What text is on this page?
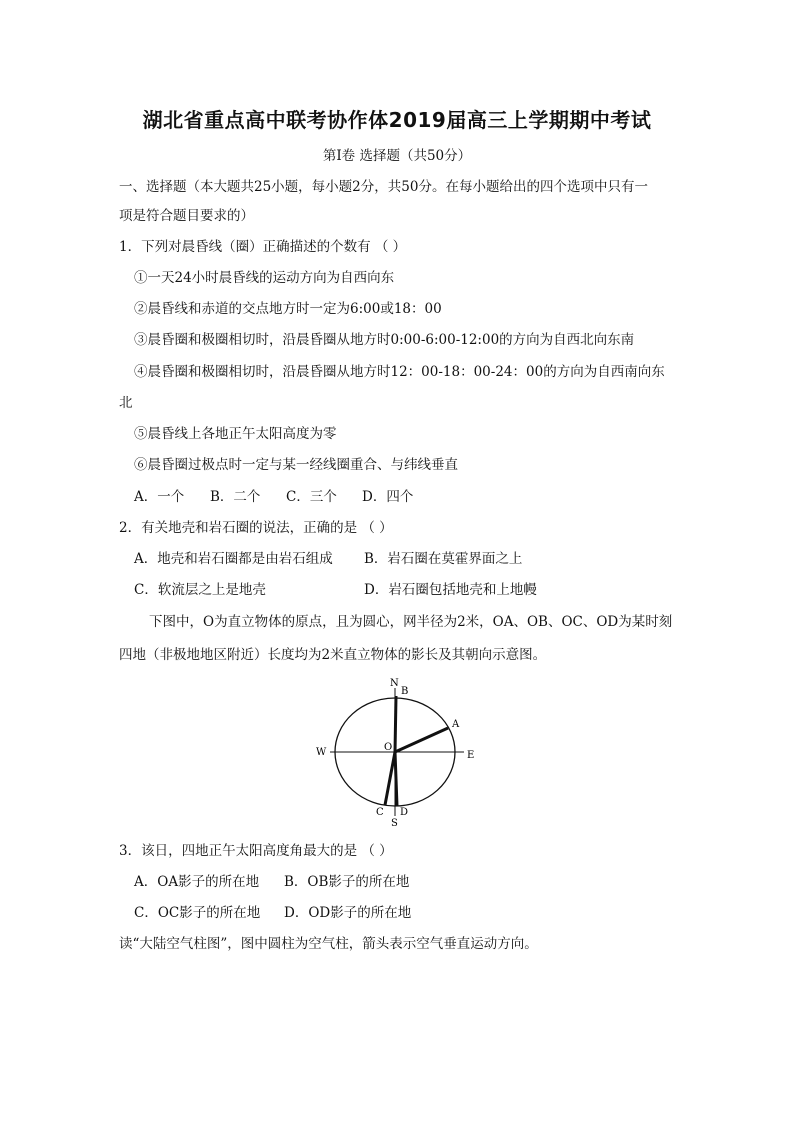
湖北省重点高中联考协作体2019届高三上学期期中考试
第Ⅰ卷 选择题（共50分）
一、选择题（本大题共25小题，每小题2分，共50分。在每小题给出的四个选项中只有一
项是符合题目要求的）
1．下列对晨昏线（圈）正确描述的个数有 （ ）
①一天24小时晨昏线的运动方向为自西向东
②晨昏线和赤道的交点地方时一定为6:00或18：00
③晨昏圈和极圈相切时，沿晨昏圈从地方时0:00-6:00-12:00的方向为自西北向东南
④晨昏圈和极圈相切时，沿晨昏圈从地方时12：00-18：00-24：00的方向为自西南向东
北
⑤晨昏线上各地正午太阳高度为零
⑥晨昏圈过极点时一定与某一经线圈重合、与纬线垂直
A．一个 B．二个 C．三个 D．四个
2．有关地壳和岩石圈的说法，正确的是 （ ）
A．地壳和岩石圈都是由岩石组成 B．岩石圈在莫霍界面之上
C．软流层之上是地壳	D．岩石圈包括地壳和上地幔
下图中，O为直立物体的原点，且为圆心，网半径为2米，OA、OB、OC、OD为某时刻
四地（非极地地区附近）长度均为2米直立物体的影长及其朝向示意图。
N
B
A
W	E
O
C D
S
3．该日，四地正午太阳高度角最大的是 （ ）
A．OA影子的所在地 B．OB影子的所在地
C．OC影子的所在地 D．OD影子的所在地
读“大陆空气柱图”，图中圆柱为空气柱，箭头表示空气垂直运动方向。
